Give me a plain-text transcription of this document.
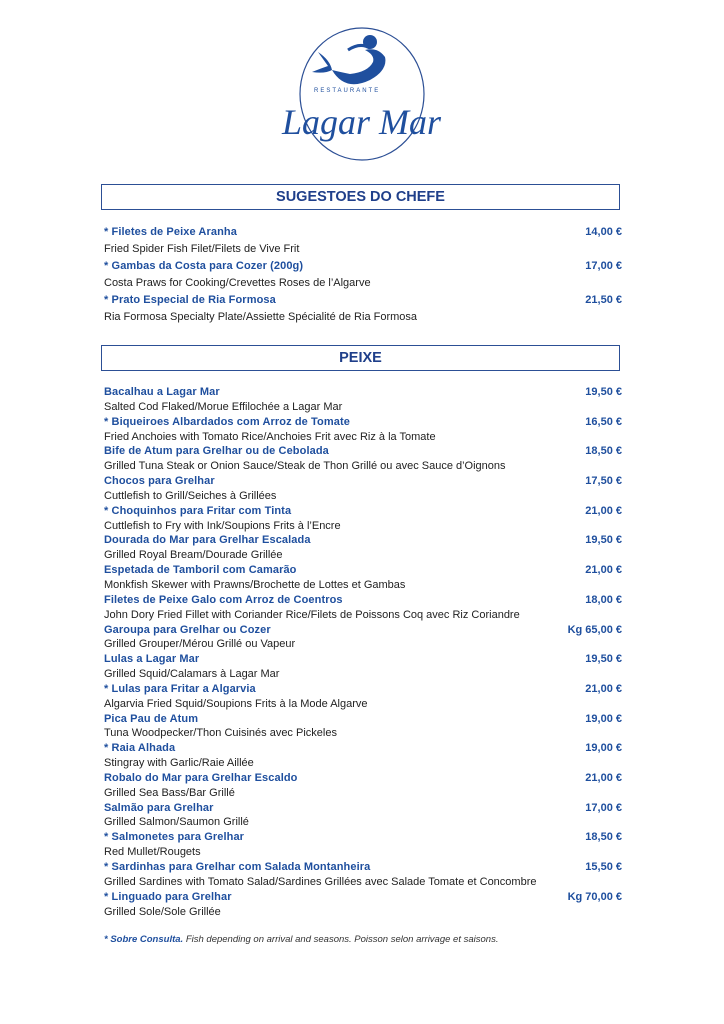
RESTAURANTE
Lagar Mar
SUGESTOES DO CHEFE
* Filetes de Peixe Aranha	14,00 €
Fried Spider Fish Filet/Filets de Vive Frit
* Gambas da Costa para Cozer (200g)	17,00 €
Costa Praws for Cooking/Crevettes Roses de l’Algarve
* Prato Especial de Ria Formosa	21,50 €
Ria Formosa Specialty Plate/Assiette Spécialité de Ria Formosa
PEIXE
Bacalhau a Lagar Mar	19,50 €
Salted Cod Flaked/Morue Effilochée a Lagar Mar
* Biqueiroes Albardados com Arroz de Tomate	16,50 €
Fried Anchoies with Tomato Rice/Anchoies Frit avec Riz à la Tomate
Bife de Atum para Grelhar ou de Cebolada	18,50 €
Grilled Tuna Steak or Onion Sauce/Steak de Thon Grillé ou avec Sauce d’Oignons
Chocos para Grelhar	17,50 €
Cuttlefish to Grill/Seiches à Grillées
* Choquinhos para Fritar com Tinta	21,00 €
Cuttlefish to Fry with Ink/Soupions Frits à l’Encre
Dourada do Mar para Grelhar Escalada	19,50 €
Grilled Royal Bream/Dourade Grillée
Espetada de Tamboril com Camarão	21,00 €
Monkfish Skewer with Prawns/Brochette de Lottes et Gambas
Filetes de Peixe Galo com Arroz de Coentros	18,00 €
John Dory Fried Fillet with Coriander Rice/Filets de Poissons Coq avec Riz Coriandre
Garoupa para Grelhar ou Cozer	Kg 65,00 €
Grilled Grouper/Mérou Grillé ou Vapeur
Lulas a Lagar Mar	19,50 €
Grilled Squid/Calamars à Lagar Mar
* Lulas para Fritar a Algarvia	21,00 €
Algarvia Fried Squid/Soupions Frits à la Mode Algarve
Pica Pau de Atum	19,00 €
Tuna Woodpecker/Thon Cuisinés avec Pickeles
* Raia Alhada	19,00 €
Stingray with Garlic/Raie Aillée
Robalo do Mar para Grelhar Escaldo	21,00 €
Grilled Sea Bass/Bar Grillé
Salmão para Grelhar	17,00 €
Grilled Salmon/Saumon Grillé
* Salmonetes para Grelhar	18,50 €
Red Mullet/Rougets
* Sardinhas para Grelhar com Salada Montanheira	15,50 €
Grilled Sardines with Tomato Salad/Sardines Grillées avec Salade Tomate et Concombre
* Linguado para Grelhar	Kg 70,00 €
Grilled Sole/Sole Grillée
* Sobre Consulta. Fish depending on arrival and seasons. Poisson selon arrivage et saisons.
